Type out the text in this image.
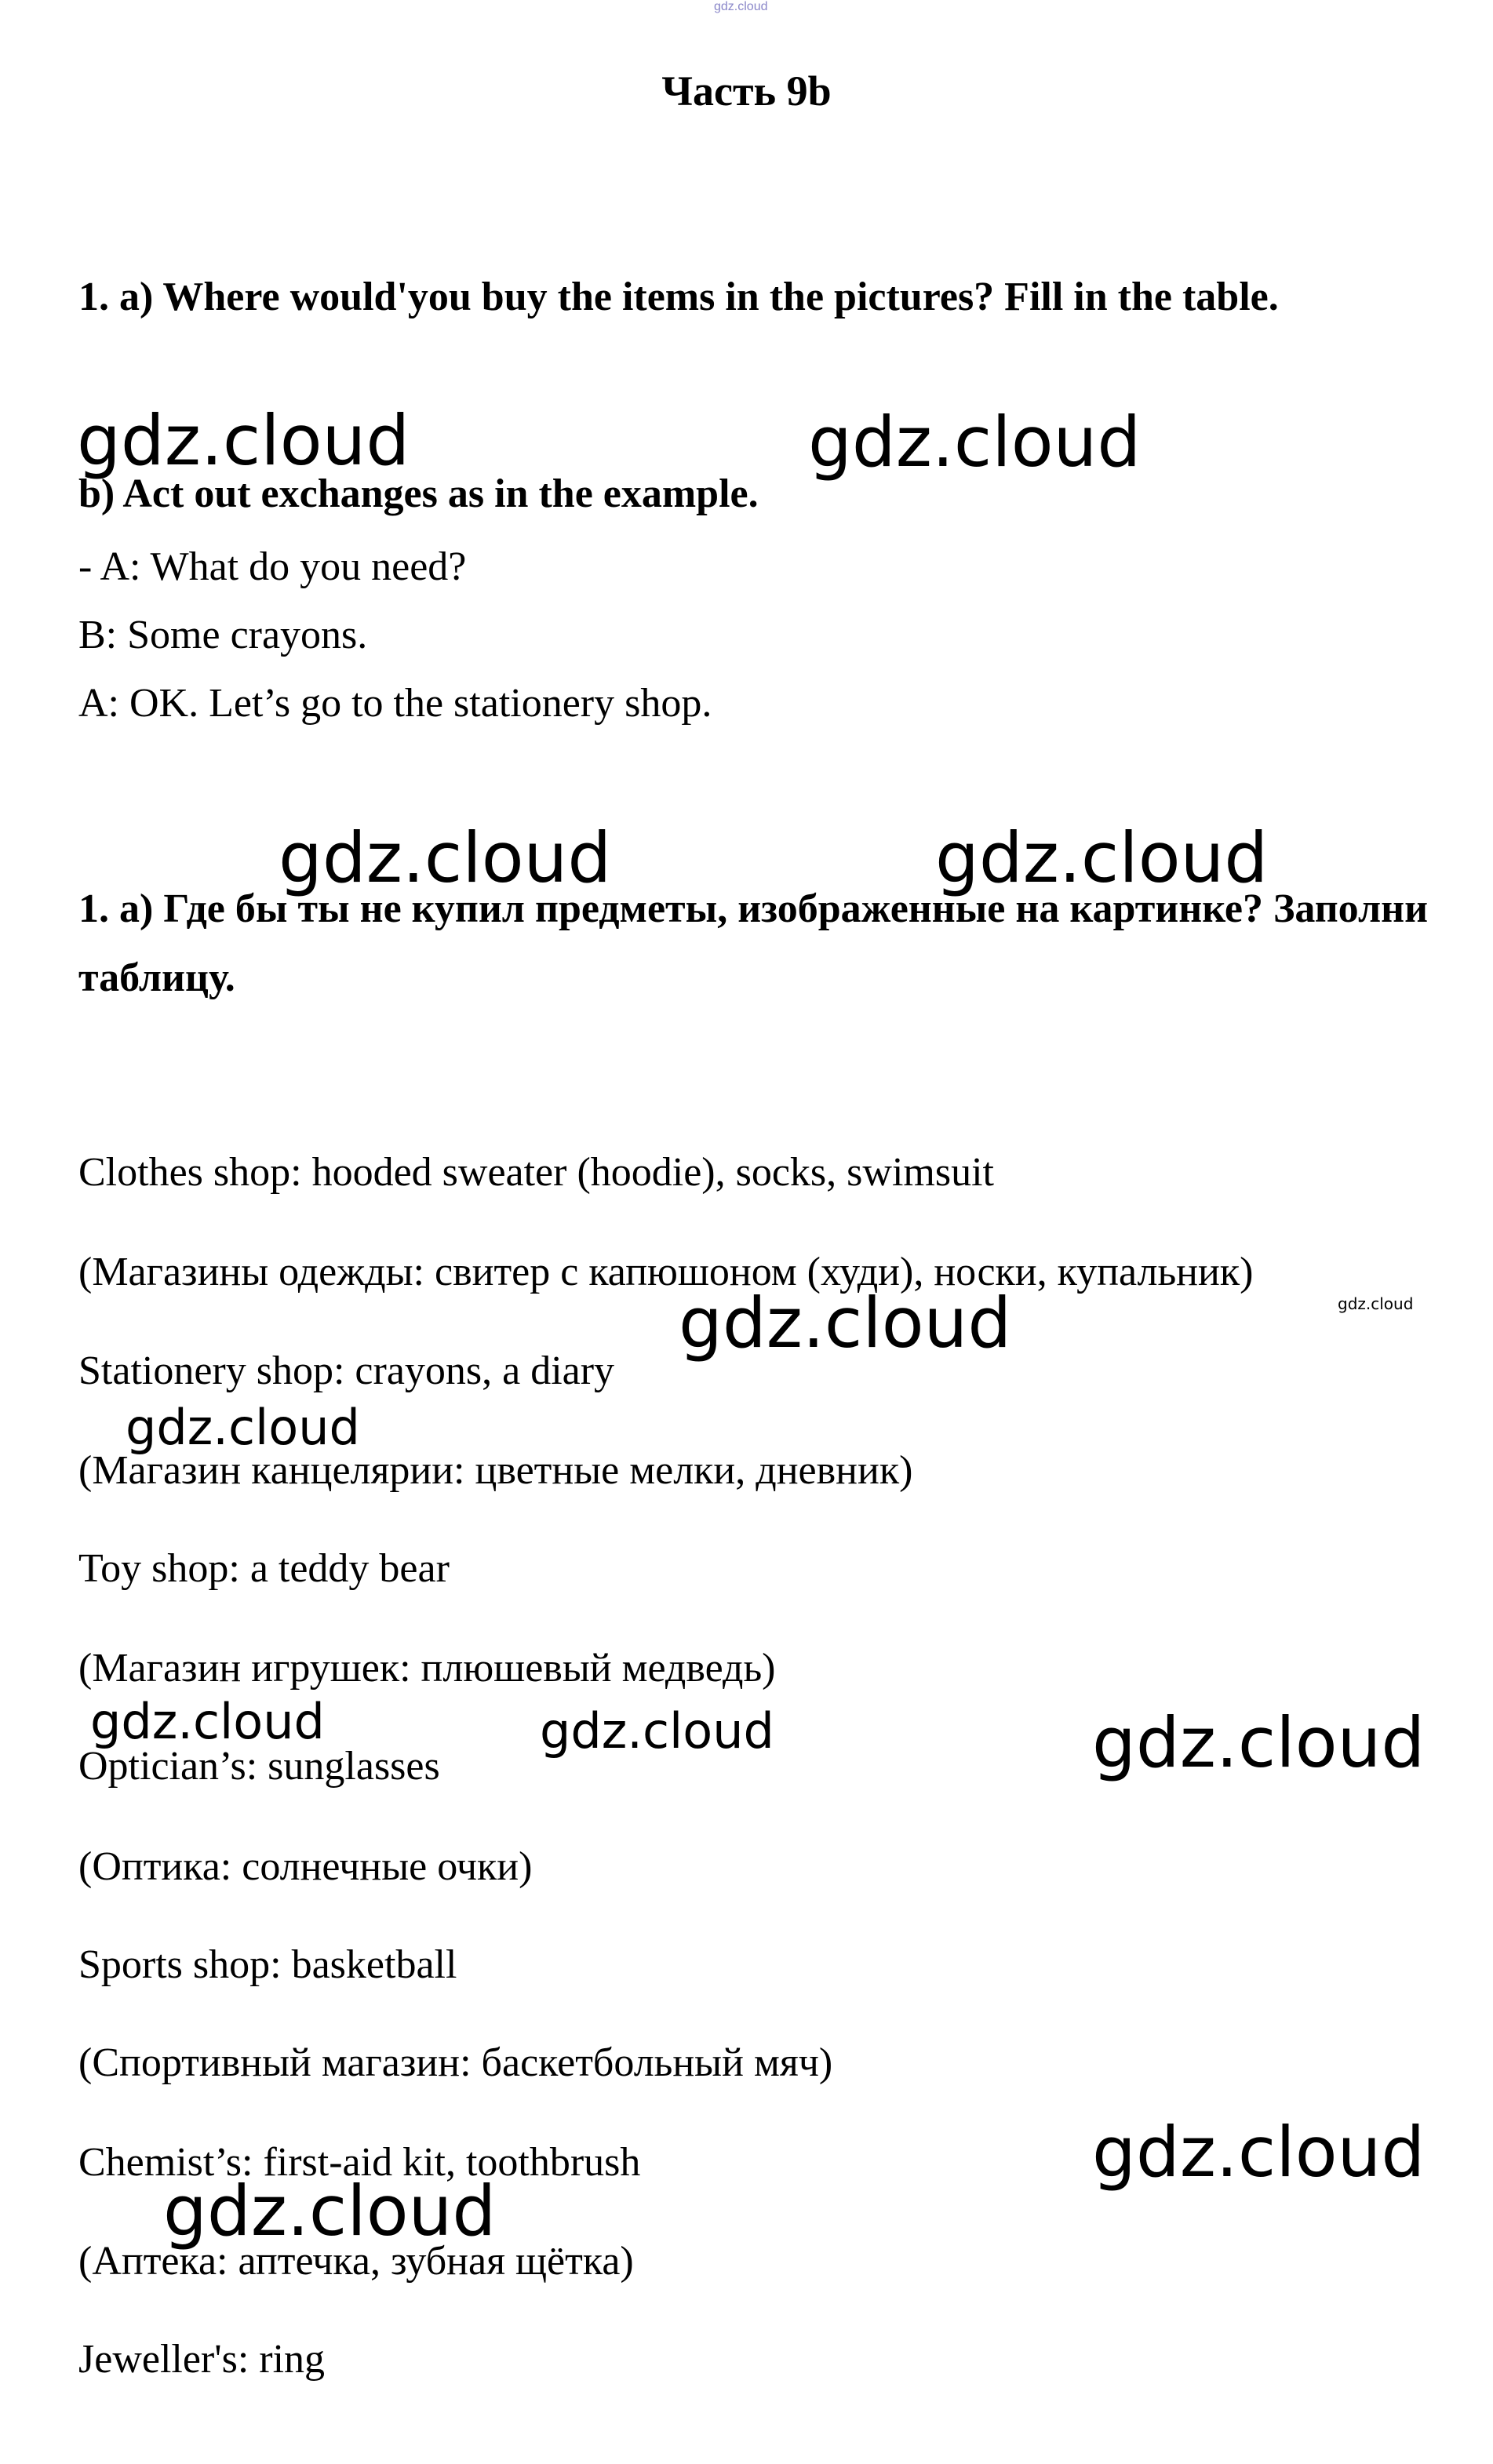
gdz.cloud
Часть 9b
1. a) Where would'you buy the items in the pictures? Fill in the table.
b) Act out exchanges as in the example.
- A: What do you need?
B: Some crayons.
A: OK. Let’s go to the stationery shop.
1. а) Где бы ты не купил предметы, изображенные на картинке? Заполни таблицу.
Clothes shop: hooded sweater (hoodie), socks, swimsuit
(Магазины одежды: свитер с капюшоном (худи), носки, купальник)
Stationery shop: crayons, a diary
(Магазин канцелярии: цветные мелки, дневник)
Toy shop: a teddy bear
(Магазин игрушек: плюшевый медведь)
Optician’s: sunglasses
(Оптика: солнечные очки)
Sports shop: basketball
(Спортивный магазин: баскетбольный мяч)
Chemist’s: first-aid kit, toothbrush
(Аптека: аптечка, зубная щётка)
Jeweller's: ring
gdz.cloud	gdz.cloud
gdz.cloud	gdz.cloud
gdz.cloud
gdz.cloud
gdz.cloud
gdz.cloud	gdz.cloud	gdz.cloud
gdz.cloud
gdz.cloud
